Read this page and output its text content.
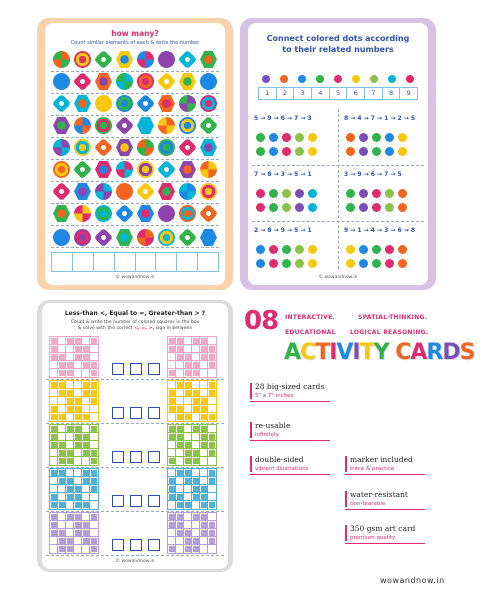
how many?
Count similar elements of each & write the number
© wowandnow.in
Connect colored dots according
to their related numbers
1	2	3	4	5	6	7	8	9
© wowandnow.in
5 → 9 → 6 → 7 → 3	8 → 4 → 7 → 1 → 2 → 5
7 → 8 → 3 → 5 → 1	3 → 9 → 6 → 7 → 5
2 → 8 → 9 → 5 → 1	9 → 1 → 4 → 3 → 6 → 8
Less-than <, Equal to =, Greater-than > ?
Count & write the number of colored squares in the box
& solve with the correct <, =, >, sign in between
© wowandnow.in
08 INTERACTIVE.	SPATIAL-THINKING.
EDUCATIONAL LOGICAL REASONING.
ACTIVITY CARDS
wowandnow.in
28 big-sized cards
5" x 7" inches
re-usable
infinitely
double-sided
vibrant illustrations
marker included
trace & practice
water-resistant
non-tearable
350 gsm art card
premium quality
